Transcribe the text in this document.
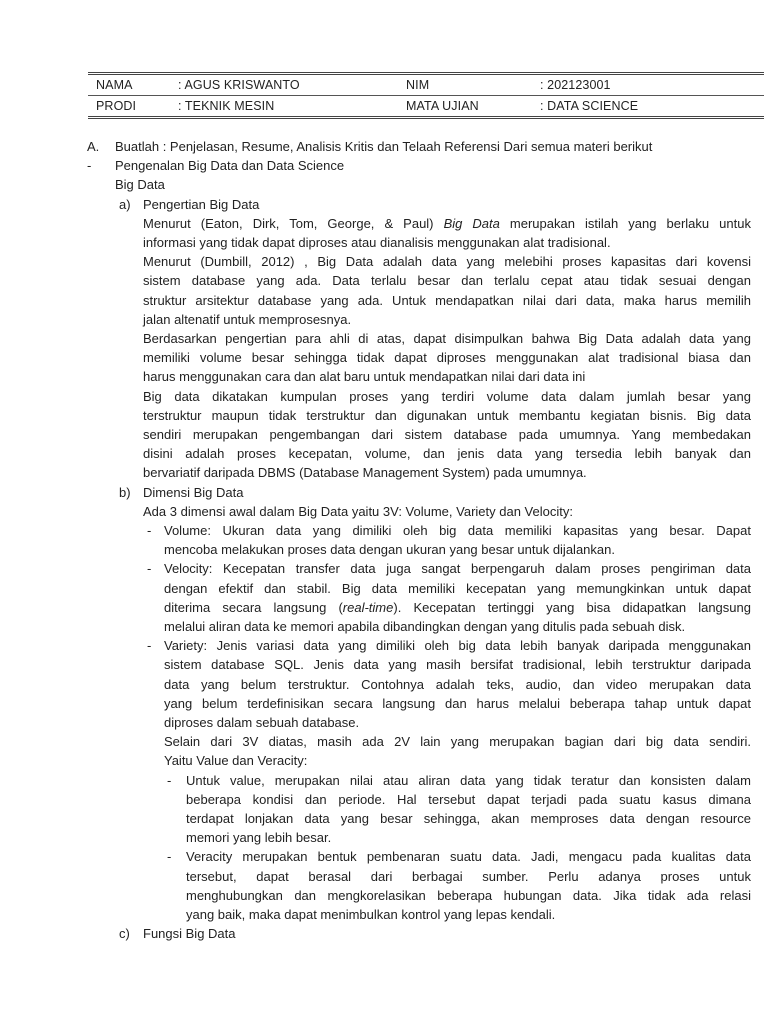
NAMA	: AGUS KRISWANTO	NIM	: 202123001
PRODI	: TEKNIK MESIN	MATA UJIAN	: DATA SCIENCE
A. Buatlah : Penjelasan, Resume, Analisis Kritis dan Telaah Referensi Dari semua materi berikut
- Pengenalan Big Data dan Data Science
Big Data
a) Pengertian Big Data
Menurut (Eaton, Dirk, Tom, George, & Paul) Big Data merupakan istilah yang berlaku untuk
informasi yang tidak dapat diproses atau dianalisis menggunakan alat tradisional.
Menurut (Dumbill, 2012) , Big Data adalah data yang melebihi proses kapasitas dari kovensi
sistem database yang ada. Data terlalu besar dan terlalu cepat atau tidak sesuai dengan
struktur arsitektur database yang ada. Untuk mendapatkan nilai dari data, maka harus memilih
jalan altenatif untuk memprosesnya.
Berdasarkan pengertian para ahli di atas, dapat disimpulkan bahwa Big Data adalah data yang
memiliki volume besar sehingga tidak dapat diproses menggunakan alat tradisional biasa dan
harus menggunakan cara dan alat baru untuk mendapatkan nilai dari data ini
Big data dikatakan kumpulan proses yang terdiri volume data dalam jumlah besar yang
terstruktur maupun tidak terstruktur dan digunakan untuk membantu kegiatan bisnis. Big data
sendiri merupakan pengembangan dari sistem database pada umumnya. Yang membedakan
disini adalah proses kecepatan, volume, dan jenis data yang tersedia lebih banyak dan
bervariatif daripada DBMS (Database Management System) pada umumnya.
b) Dimensi Big Data
Ada 3 dimensi awal dalam Big Data yaitu 3V: Volume, Variety dan Velocity:
- Volume: Ukuran data yang dimiliki oleh big data memiliki kapasitas yang besar. Dapat
mencoba melakukan proses data dengan ukuran yang besar untuk dijalankan.
- Velocity: Kecepatan transfer data juga sangat berpengaruh dalam proses pengiriman data
dengan efektif dan stabil. Big data memiliki kecepatan yang memungkinkan untuk dapat
diterima secara langsung (real-time). Kecepatan tertinggi yang bisa didapatkan langsung
melalui aliran data ke memori apabila dibandingkan dengan yang ditulis pada sebuah disk.
- Variety: Jenis variasi data yang dimiliki oleh big data lebih banyak daripada menggunakan
sistem database SQL. Jenis data yang masih bersifat tradisional, lebih terstruktur daripada
data yang belum terstruktur. Contohnya adalah teks, audio, dan video merupakan data
yang belum terdefinisikan secara langsung dan harus melalui beberapa tahap untuk dapat
diproses dalam sebuah database.
Selain dari 3V diatas, masih ada 2V lain yang merupakan bagian dari big data sendiri.
Yaitu Value dan Veracity:
- Untuk value, merupakan nilai atau aliran data yang tidak teratur dan konsisten dalam
beberapa kondisi dan periode. Hal tersebut dapat terjadi pada suatu kasus dimana
terdapat lonjakan data yang besar sehingga, akan memproses data dengan resource
memori yang lebih besar.
- Veracity merupakan bentuk pembenaran suatu data. Jadi, mengacu pada kualitas data
tersebut, dapat berasal dari berbagai sumber. Perlu adanya proses untuk
menghubungkan dan mengkorelasikan beberapa hubungan data. Jika tidak ada relasi
yang baik, maka dapat menimbulkan kontrol yang lepas kendali.
c) Fungsi Big Data
